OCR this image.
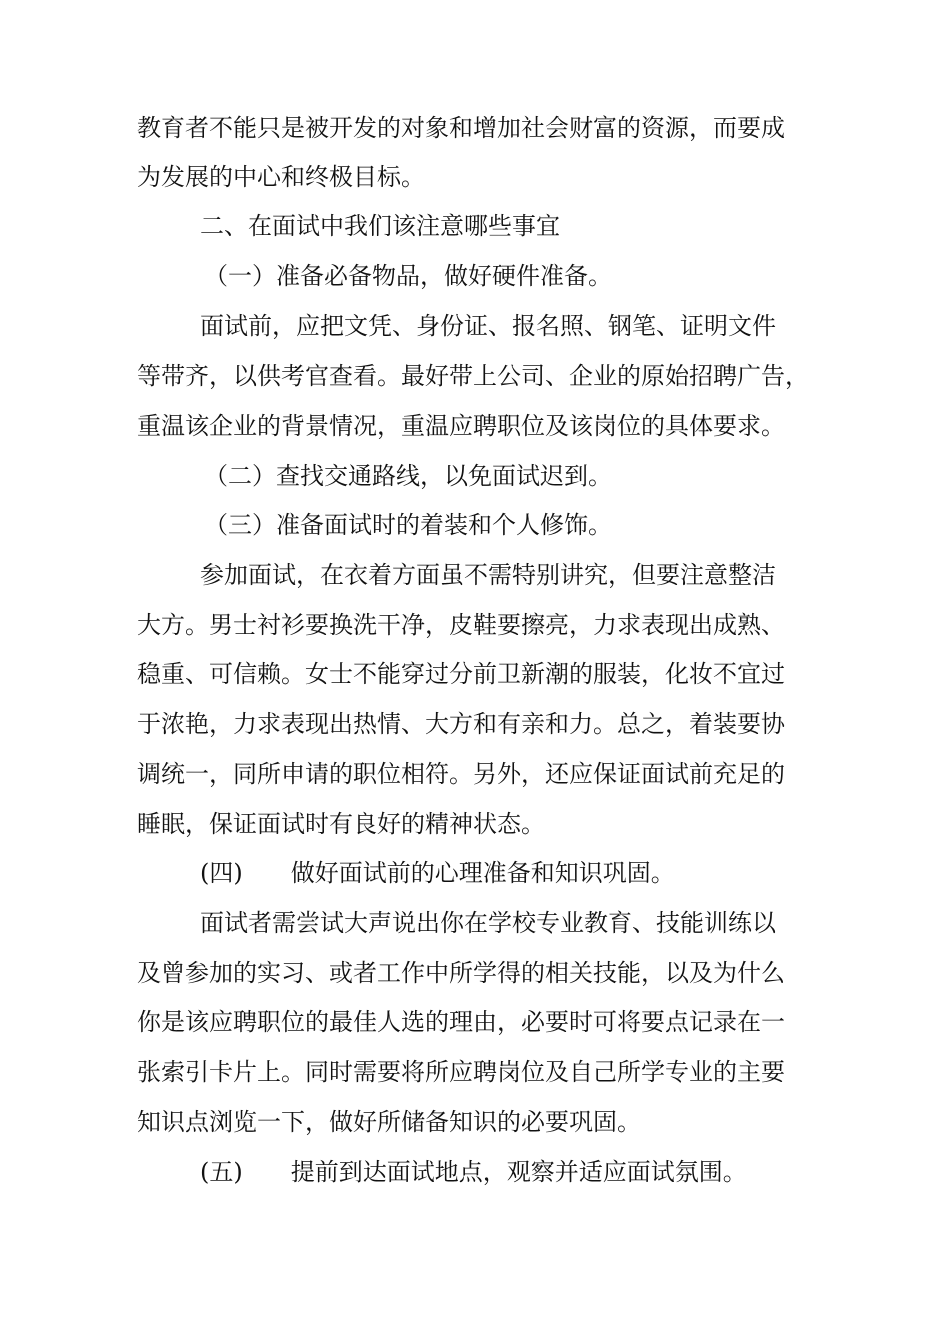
教育者不能只是被开发的对象和增加社会财富的资源，而要成
为发展的中心和终极目标。
二、在面试中我们该注意哪些事宜
（一）准备必备物品，做好硬件准备。
面试前，应把文凭、身份证、报名照、钢笔、证明文件
等带齐，以供考官查看。最好带上公司、企业的原始招聘广告，
重温该企业的背景情况，重温应聘职位及该岗位的具体要求。
（二）查找交通路线，以免面试迟到。
（三）准备面试时的着装和个人修饰。
参加面试，在衣着方面虽不需特别讲究，但要注意整洁
大方。男士衬衫要换洗干净，皮鞋要擦亮，力求表现出成熟、
稳重、可信赖。女士不能穿过分前卫新潮的服装，化妆不宜过
于浓艳，力求表现出热情、大方和有亲和力。总之，着装要协
调统一，同所申请的职位相符。另外，还应保证面试前充足的
睡眠，保证面试时有良好的精神状态。
(四) 做好面试前的心理准备和知识巩固。
面试者需尝试大声说出你在学校专业教育、技能训练以
及曾参加的实习、或者工作中所学得的相关技能，以及为什么
你是该应聘职位的最佳人选的理由，必要时可将要点记录在一
张索引卡片上。同时需要将所应聘岗位及自己所学专业的主要
知识点浏览一下，做好所储备知识的必要巩固。
(五) 提前到达面试地点，观察并适应面试氛围。
